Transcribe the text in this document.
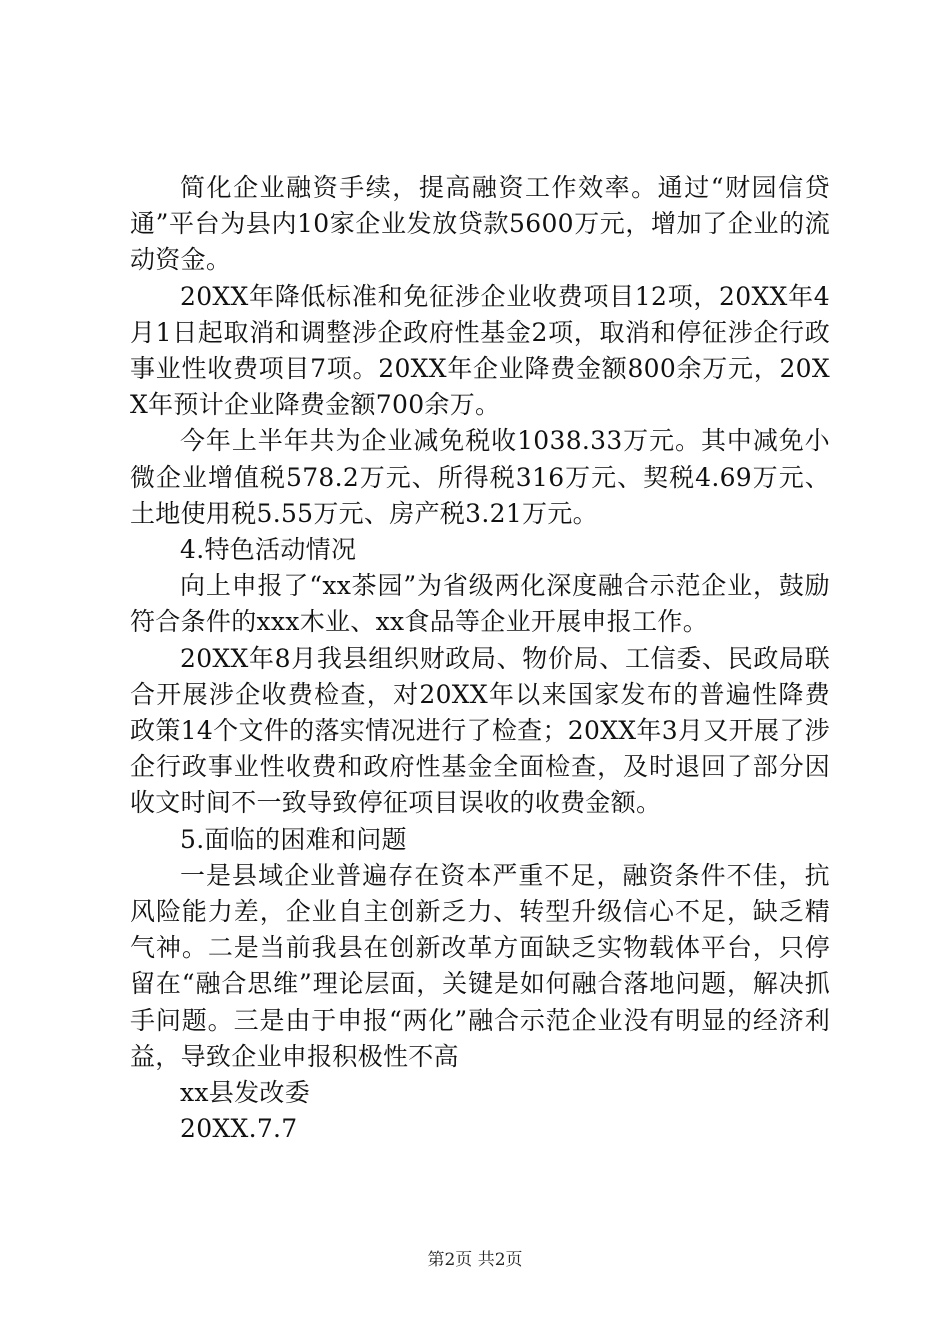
简化企业融资手续，提高融资工作效率。通过“财园信贷通”平台为县内10家企业发放贷款5600万元，增加了企业的流动资金。

20XX年降低标准和免征涉企业收费项目12项，20XX年4月1日起取消和调整涉企政府性基金2项，取消和停征涉企行政事业性收费项目7项。20XX年企业降费金额800余万元，20XX年预计企业降费金额700余万。

今年上半年共为企业减免税收1038.33万元。其中减免小微企业增值税578.2万元、所得税316万元、契税4.69万元、土地使用税5.55万元、房产税3.21万元。

4.特色活动情况

向上申报了“xx茶园”为省级两化深度融合示范企业，鼓励符合条件的xxx木业、xx食品等企业开展申报工作。

20XX年8月我县组织财政局、物价局、工信委、民政局联合开展涉企收费检查，对20XX年以来国家发布的普遍性降费政策14个文件的落实情况进行了检查；20XX年3月又开展了涉企行政事业性收费和政府性基金全面检查，及时退回了部分因收文时间不一致导致停征项目误收的收费金额。

5.面临的困难和问题

一是县域企业普遍存在资本严重不足，融资条件不佳，抗风险能力差，企业自主创新乏力、转型升级信心不足，缺乏精气神。二是当前我县在创新改革方面缺乏实物载体平台，只停留在“融合思维”理论层面，关键是如何融合落地问题，解决抓手问题。三是由于申报“两化”融合示范企业没有明显的经济利益，导致企业申报积极性不高

xx县发改委

20XX.7.7

第2页 共2页
